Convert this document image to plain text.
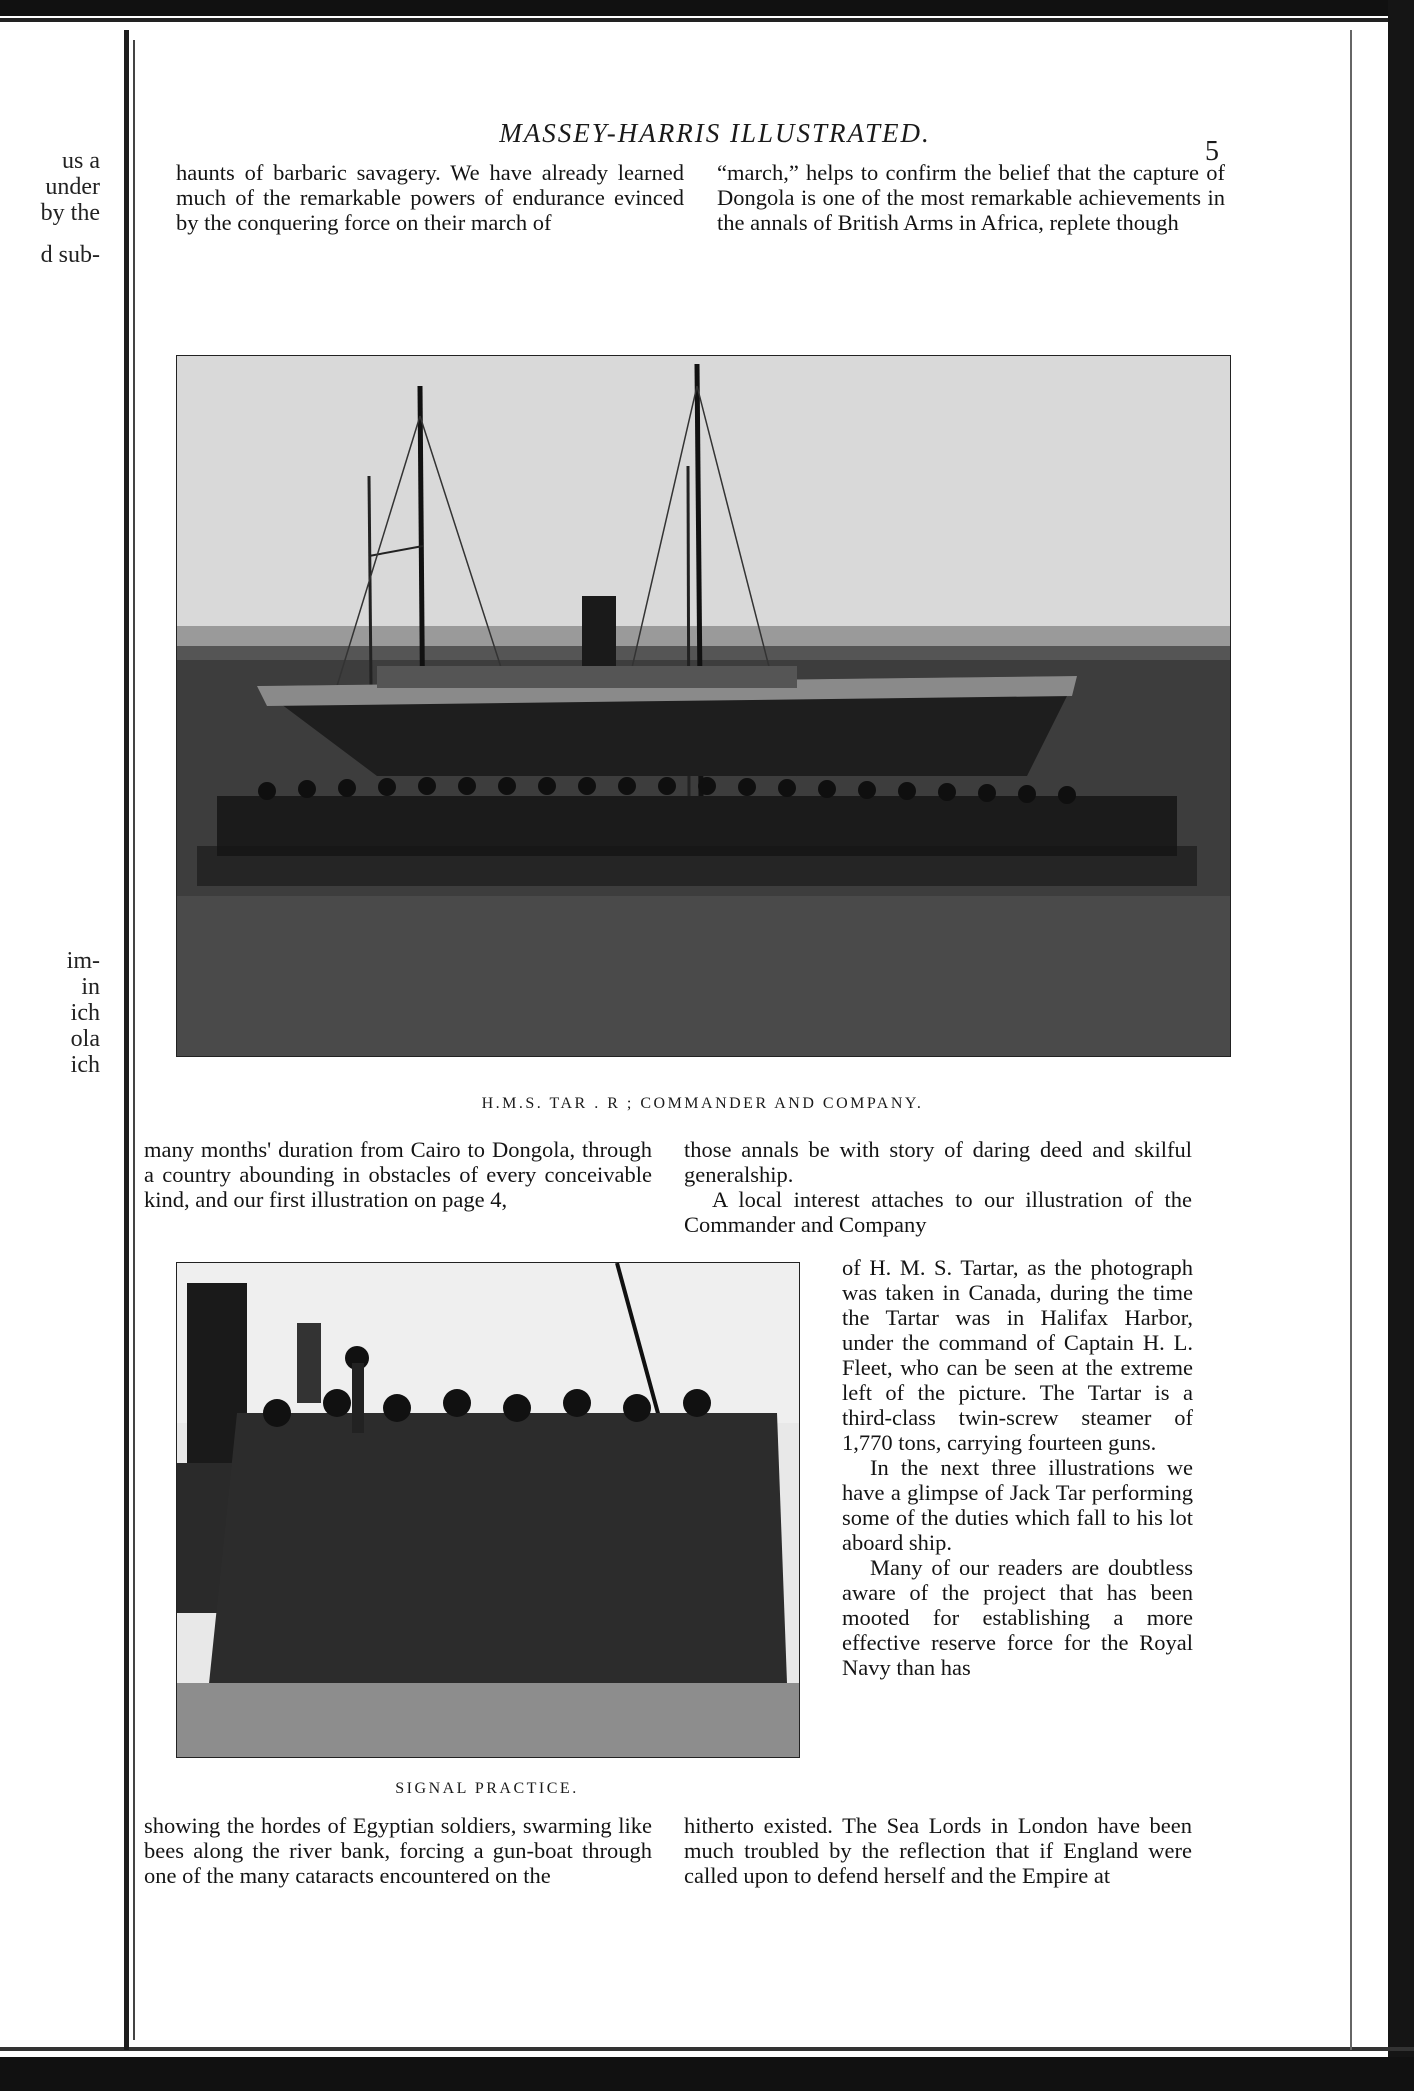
us a
under
by the
d sub-
im-
in
ich
ola
ich
MASSEY-HARRIS ILLUSTRATED.
5

haunts of barbaric savagery. We have already learned much of the remarkable powers of endurance evinced by the conquering force on their march of

“march,” helps to confirm the belief that the capture of Dongola is one of the most remarkable achievements in the annals of British Arms in Africa, replete though

H.M.S. TAR . R ; COMMANDER AND COMPANY.

many months' duration from Cairo to Dongola, through a country abounding in obstacles of every conceivable kind, and our first illustration on page 4,

those annals be with story of daring deed and skilful generalship.

A local interest attaches to our illustration of the Commander and Company

SIGNAL PRACTICE.

of H. M. S. Tartar, as the photograph was taken in Canada, during the time the Tartar was in Halifax Harbor, under the command of Captain H. L. Fleet, who can be seen at the extreme left of the picture. The Tartar is a third-class twin-screw steamer of 1,770 tons, carrying fourteen guns.

In the next three illustrations we have a glimpse of Jack Tar performing some of the duties which fall to his lot aboard ship.

Many of our readers are doubtless aware of the project that has been mooted for establishing a more effective reserve force for the Royal Navy than has

showing the hordes of Egyptian soldiers, swarming like bees along the river bank, forcing a gun-boat through one of the many cataracts encountered on the

hitherto existed. The Sea Lords in London have been much troubled by the reflection that if England were called upon to defend herself and the Empire at
